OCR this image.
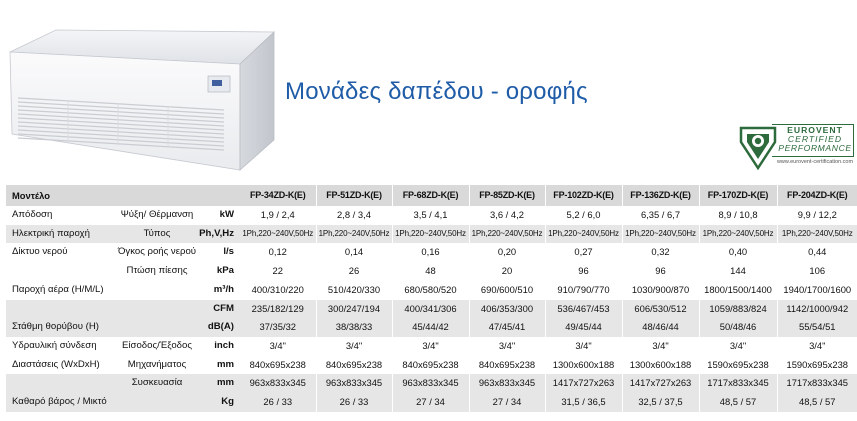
Μονάδες δαπέδου - οροφής
EUROVENT
CERTIFIED
PERFORMANCE
www.eurovent-certification.com
Μοντέλο			FP-34ZD-K(E)	FP-51ZD-K(E)	FP-68ZD-K(E)	FP-85ZD-K(E)	FP-102ZD-K(E)	FP-136ZD-K(E)	FP-170ZD-K(E)	FP-204ZD-K(E)
Απόδοση	Ψύξη/ Θέρμανση	kW	1,9 / 2,4	2,8 / 3,4	3,5 / 4,1	3,6 / 4,2	5,2 / 6,0	6,35 / 6,7	8,9 / 10,8	9,9 / 12,2
Ηλεκτρική παροχή	Τύπος	Ph,V,Hz	1Ph,220~240V,50Hz	1Ph,220~240V,50Hz	1Ph,220~240V,50Hz	1Ph,220~240V,50Hz	1Ph,220~240V,50Hz	1Ph,220~240V,50Hz	1Ph,220~240V,50Hz	1Ph,220~240V,50Hz
Δίκτυο νερού	Όγκος ροής νερού	l/s	0,12	0,14	0,16	0,20	0,27	0,32	0,40	0,44
	Πτώση πίεσης	kPa	22	26	48	20	96	96	144	106
Παροχή αέρα (H/M/L)		m³/h	400/310/220	510/420/330	680/580/520	690/600/510	910/790/770	1030/900/870	1800/1500/1400	1940/1700/1600
		CFM	235/182/129	300/247/194	400/341/306	406/353/300	536/467/453	606/530/512	1059/883/824	1142/1000/942
Στάθμη θορύβου (H)		dB(A)	37/35/32	38/38/33	45/44/42	47/45/41	49/45/44	48/46/44	50/48/46	55/54/51
Υδραυλική σύνδεση	Είσοδος/Έξοδος	inch	3/4"	3/4"	3/4"	3/4"	3/4"	3/4"	3/4"	3/4"
Διαστάσεις (WxDxH)	Μηχανήματος	mm	840x695x238	840x695x238	840x695x238	840x695x238	1300x600x188	1300x600x188	1590x695x238	1590x695x238
	Συσκευασία	mm	963x833x345	963x833x345	963x833x345	963x833x345	1417x727x263	1417x727x263	1717x833x345	1717x833x345
Καθαρό βάρος / Μικτό		Kg	26 / 33	26 / 33	27 / 34	27 / 34	31,5 / 36,5	32,5 / 37,5	48,5 / 57	48,5 / 57
